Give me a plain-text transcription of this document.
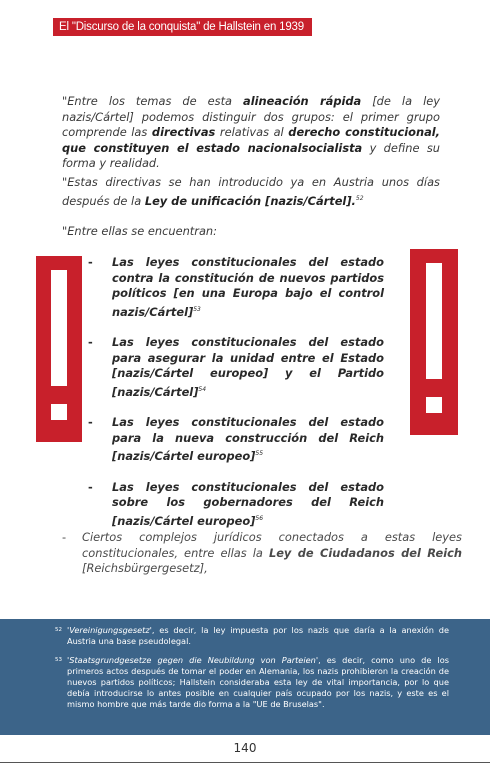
El "Discurso de la conquista" de Hallstein en 1939
"Entre los temas de esta alineación rápida [de la ley nazis/Cártel] podemos distinguir dos grupos: el primer grupo comprende las directivas relativas al derecho constitucional, que constituyen el estado nacionalsocialista y define su forma y realidad.
"Estas directivas se han introducido ya en Austria unos días después de la Ley de unificación [nazis/Cártel].$^{52}$
"Entre ellas se encuentran:
- Las leyes constitucionales del estado contra la constitución de nuevos partidos políticos [en una Europa bajo el control nazis/Cártel]$^{53}$
- Las leyes constitucionales del estado para asegurar la unidad entre el Estado [nazis/Cártel europeo] y el Partido [nazis/Cártel]$^{54}$
- Las leyes constitucionales del estado para la nueva construcción del Reich [nazis/Cártel europeo]$^{55}$
- Las leyes constitucionales del estado sobre los gobernadores del Reich [nazis/Cártel europeo]$^{56}$
- Ciertos complejos jurídicos conectados a estas leyes constitucionales, entre ellas la Ley de Ciudadanos del Reich [Reichsbürgergesetz],
52 'Vereinigungsgesetz', es decir, la ley impuesta por los nazis que daría a la anexión de Austria una base pseudolegal.
53 'Staatsgrundgesetze gegen die Neubildung von Parteien', es decir, como uno de los primeros actos después de tomar el poder en Alemania, los nazis prohibieron la creación de nuevos partidos políticos; Hallstein consideraba esta ley de vital importancia, por lo que debía introducirse lo antes posible en cualquier país ocupado por los nazis, y este es el mismo hombre que más tarde dio forma a la "UE de Bruselas".
140
